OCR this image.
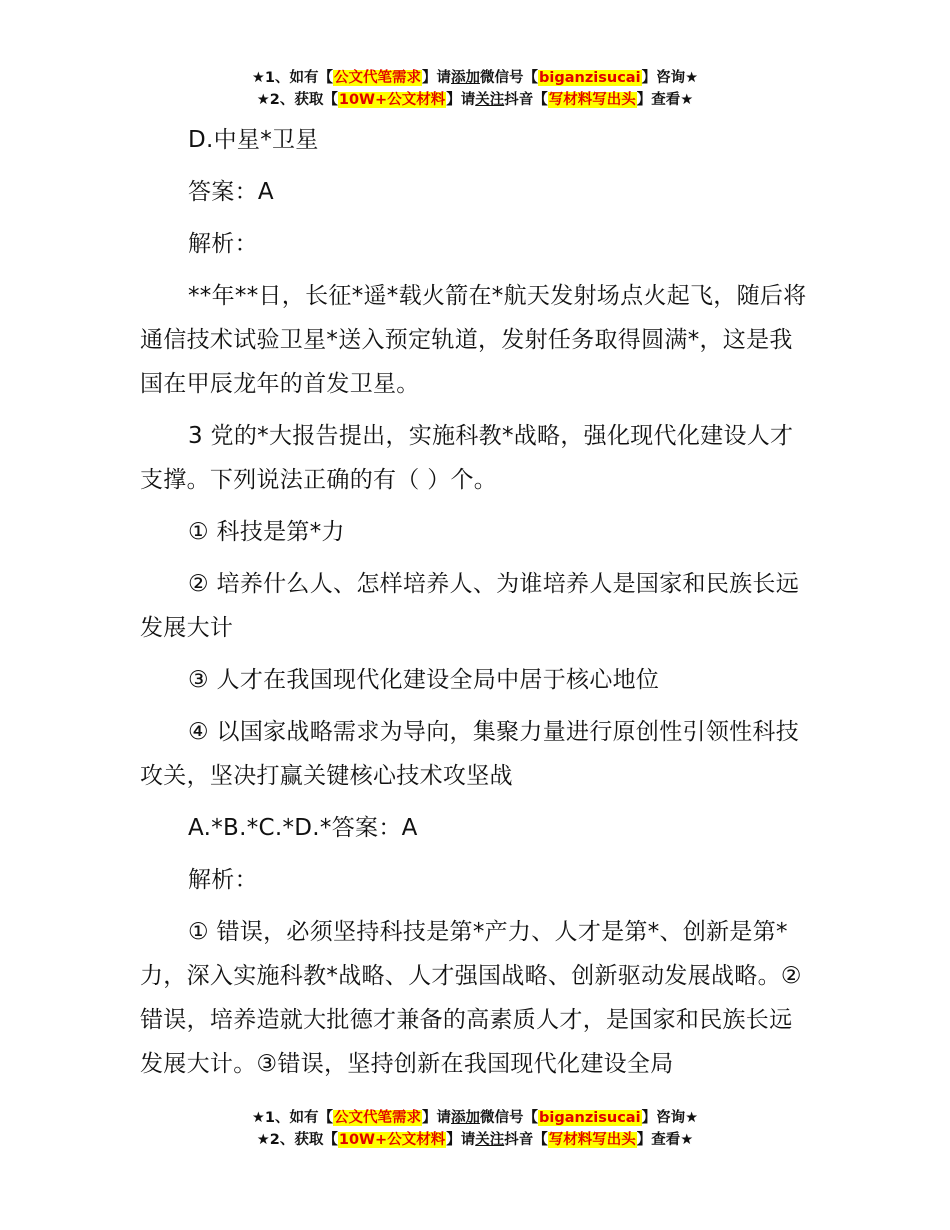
★1、如有【公文代笔需求】请添加微信号【biganzisucai】咨询★
★2、获取【10W+公文材料】请关注抖音【写材料写出头】查看★

D.中星*卫星

答案：A

解析：

**年**日，长征*遥*载火箭在*航天发射场点火起飞，随后将通信技术试验卫星*送入预定轨道，发射任务取得圆满*，这是我国在甲辰龙年的首发卫星。

3 党的*大报告提出，实施科教*战略，强化现代化建设人才支撑。下列说法正确的有（ ）个。

① 科技是第*力

② 培养什么人、怎样培养人、为谁培养人是国家和民族长远发展大计

③ 人才在我国现代化建设全局中居于核心地位

④ 以国家战略需求为导向，集聚力量进行原创性引领性科技攻关，坚决打赢关键核心技术攻坚战

A.*B.*C.*D.*答案：A

解析：

① 错误，必须坚持科技是第*产力、人才是第*、创新是第*力，深入实施科教*战略、人才强国战略、创新驱动发展战略。②错误，培养造就大批德才兼备的高素质人才，是国家和民族长远发展大计。③错误，坚持创新在我国现代化建设全局

★1、如有【公文代笔需求】请添加微信号【biganzisucai】咨询★
★2、获取【10W+公文材料】请关注抖音【写材料写出头】查看★
